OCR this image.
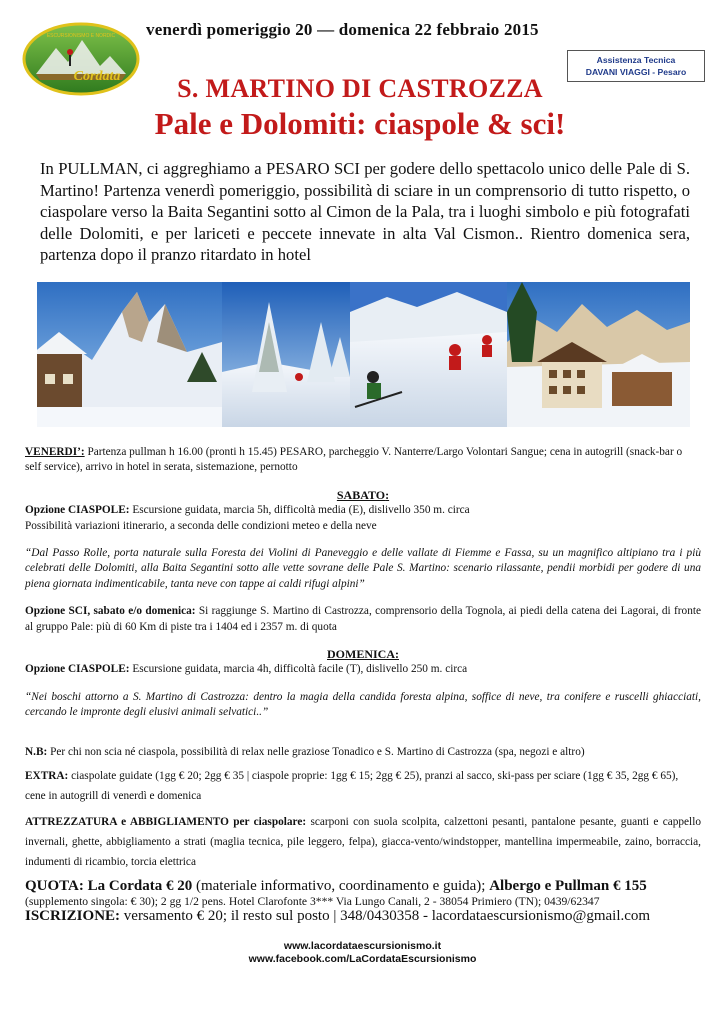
ESCURSIONISMO E NORDIC
Cordata
venerdì pomeriggio 20 — domenica 22 febbraio 2015
Assistenza Tecnica
DAVANI VIAGGI - Pesaro
S. MARTINO DI CASTROZZA
Pale e Dolomiti: ciaspole & sci!
In PULLMAN, ci aggreghiamo a PESARO SCI per godere dello spettacolo unico delle Pale di S. Martino! Partenza venerdì pomeriggio, possibilità di sciare in un comprensorio di tutto rispetto, o ciaspolare verso la Baita Segantini sotto al Cimon de la Pala, tra i luoghi simbolo e più fotografati delle Dolomiti, e per lariceti e peccete innevate in alta Val Cismon.. Rientro domenica sera, partenza dopo il pranzo ritardato in hotel

VENERDI’: Partenza pullman h 16.00 (pronti h 15.45) PESARO, parcheggio V. Nanterre/Largo Volontari Sangue; cena in autogrill (snack-bar o self service), arrivo in hotel in serata, sistemazione, pernotto

SABATO:

Opzione CIASPOLE: Escursione guidata, marcia 5h, difficoltà media (E), dislivello 350 m. circa

Possibilità variazioni itinerario, a seconda delle condizioni meteo e della neve

“Dal Passo Rolle, porta naturale sulla Foresta dei Violini di Paneveggio e delle vallate di Fiemme e Fassa, su un magnifico altipiano tra i più celebrati delle Dolomiti, alla Baita Segantini sotto alle vette sovrane delle Pale S. Martino: scenario rilassante, pendii morbidi per godere di una piena giornata indimenticabile, tanta neve con tappe ai caldi rifugi alpini”

Opzione SCI, sabato e/o domenica: Si raggiunge S. Martino di Castrozza, comprensorio della Tognola, ai piedi della catena dei Lagorai, di fronte al gruppo Pale: più di 60 Km di piste tra i 1404 ed i 2357 m. di quota

DOMENICA:

Opzione CIASPOLE: Escursione guidata, marcia 4h, difficoltà facile (T), dislivello 250 m. circa

“Nei boschi attorno a S. Martino di Castrozza: dentro la magia della candida foresta alpina, soffice di neve, tra conifere e ruscelli ghiacciati, cercando le impronte degli elusivi animali selvatici..”

N.B: Per chi non scia né ciaspola, possibilità di relax nelle graziose Tonadico e S. Martino di Castrozza (spa, negozi e altro)

EXTRA: ciaspolate guidate (1gg € 20; 2gg € 35 | ciaspole proprie: 1gg € 15; 2gg € 25), pranzi al sacco, ski-pass per sciare (1gg € 35, 2gg € 65), cene in autogrill di venerdì e domenica

ATTREZZATURA e ABBIGLIAMENTO per ciaspolare: scarponi con suola scolpita, calzettoni pesanti, pantalone pesante, guanti e cappello invernali, ghette, abbigliamento a strati (maglia tecnica, pile leggero, felpa), giacca-vento/windstopper, mantellina impermeabile, zaino, borraccia, indumenti di ricambio, torcia elettrica

QUOTA: La Cordata € 20 (materiale informativo, coordinamento e guida); Albergo e Pullman € 155

(supplemento singola: € 30); 2 gg 1/2 pens. Hotel Clarofonte 3*** Via Lungo Canali, 2 - 38054 Primiero (TN); 0439/62347

ISCRIZIONE: versamento € 20; il resto sul posto | 348/0430358 - lacordataescursionismo@gmail.com

www.lacordataescursionismo.it
www.facebook.com/LaCordataEscursionismo
